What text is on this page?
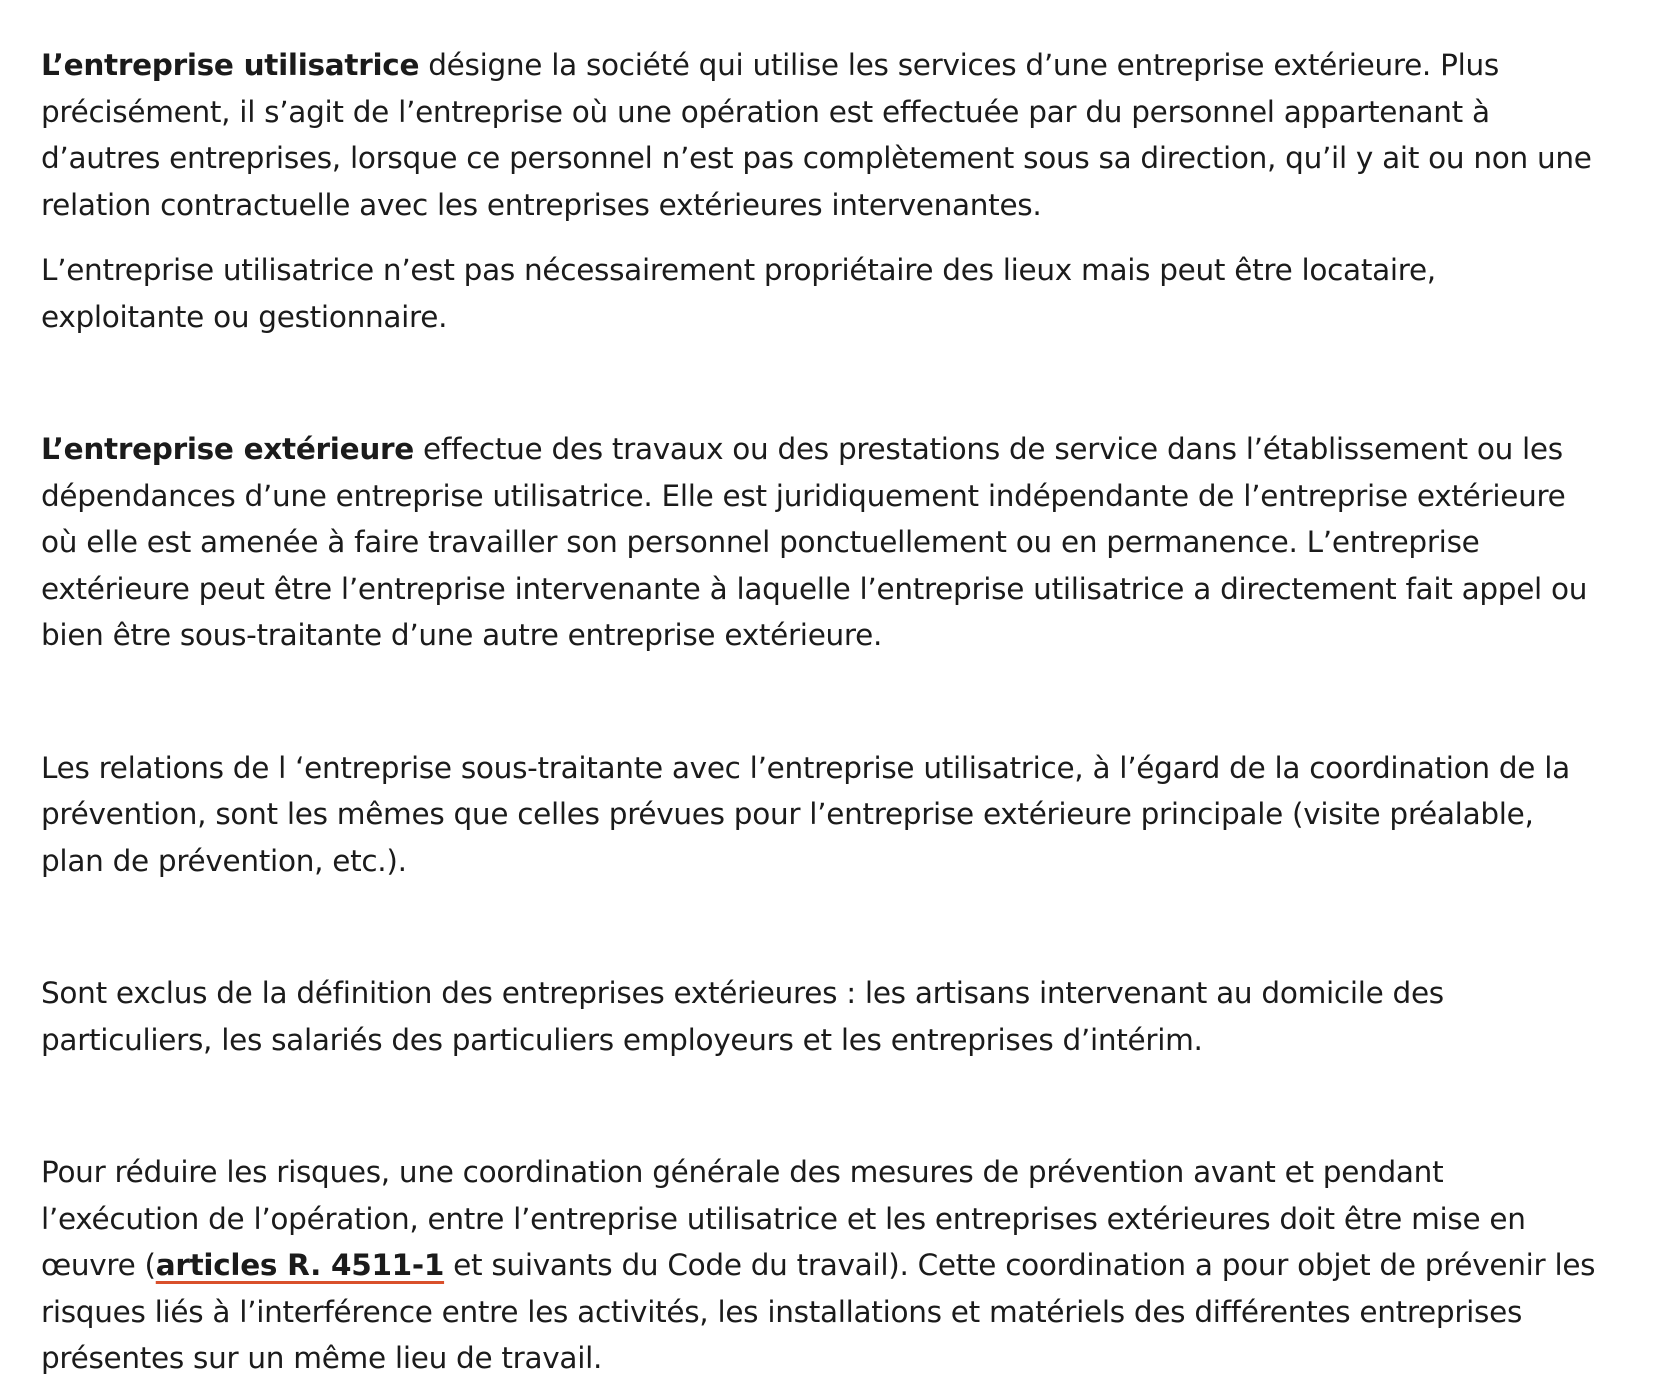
L’entreprise utilisatrice désigne la société qui utilise les services d’une entreprise extérieure. Plus
précisément, il s’agit de l’entreprise où une opération est effectuée par du personnel appartenant à
d’autres entreprises, lorsque ce personnel n’est pas complètement sous sa direction, qu’il y ait ou non une
relation contractuelle avec les entreprises extérieures intervenantes.

L’entreprise utilisatrice n’est pas nécessairement propriétaire des lieux mais peut être locataire,
exploitante ou gestionnaire.

L’entreprise extérieure effectue des travaux ou des prestations de service dans l’établissement ou les
dépendances d’une entreprise utilisatrice. Elle est juridiquement indépendante de l’entreprise extérieure
où elle est amenée à faire travailler son personnel ponctuellement ou en permanence. L’entreprise
extérieure peut être l’entreprise intervenante à laquelle l’entreprise utilisatrice a directement fait appel ou
bien être sous-traitante d’une autre entreprise extérieure.

Les relations de l ‘entreprise sous-traitante avec l’entreprise utilisatrice, à l’égard de la coordination de la
prévention, sont les mêmes que celles prévues pour l’entreprise extérieure principale (visite préalable,
plan de prévention, etc.).

Sont exclus de la définition des entreprises extérieures : les artisans intervenant au domicile des
particuliers, les salariés des particuliers employeurs et les entreprises d’intérim.

Pour réduire les risques, une coordination générale des mesures de prévention avant et pendant
l’exécution de l’opération, entre l’entreprise utilisatrice et les entreprises extérieures doit être mise en
œuvre (articles R. 4511-1 et suivants du Code du travail). Cette coordination a pour objet de prévenir les
risques liés à l’interférence entre les activités, les installations et matériels des différentes entreprises
présentes sur un même lieu de travail.
